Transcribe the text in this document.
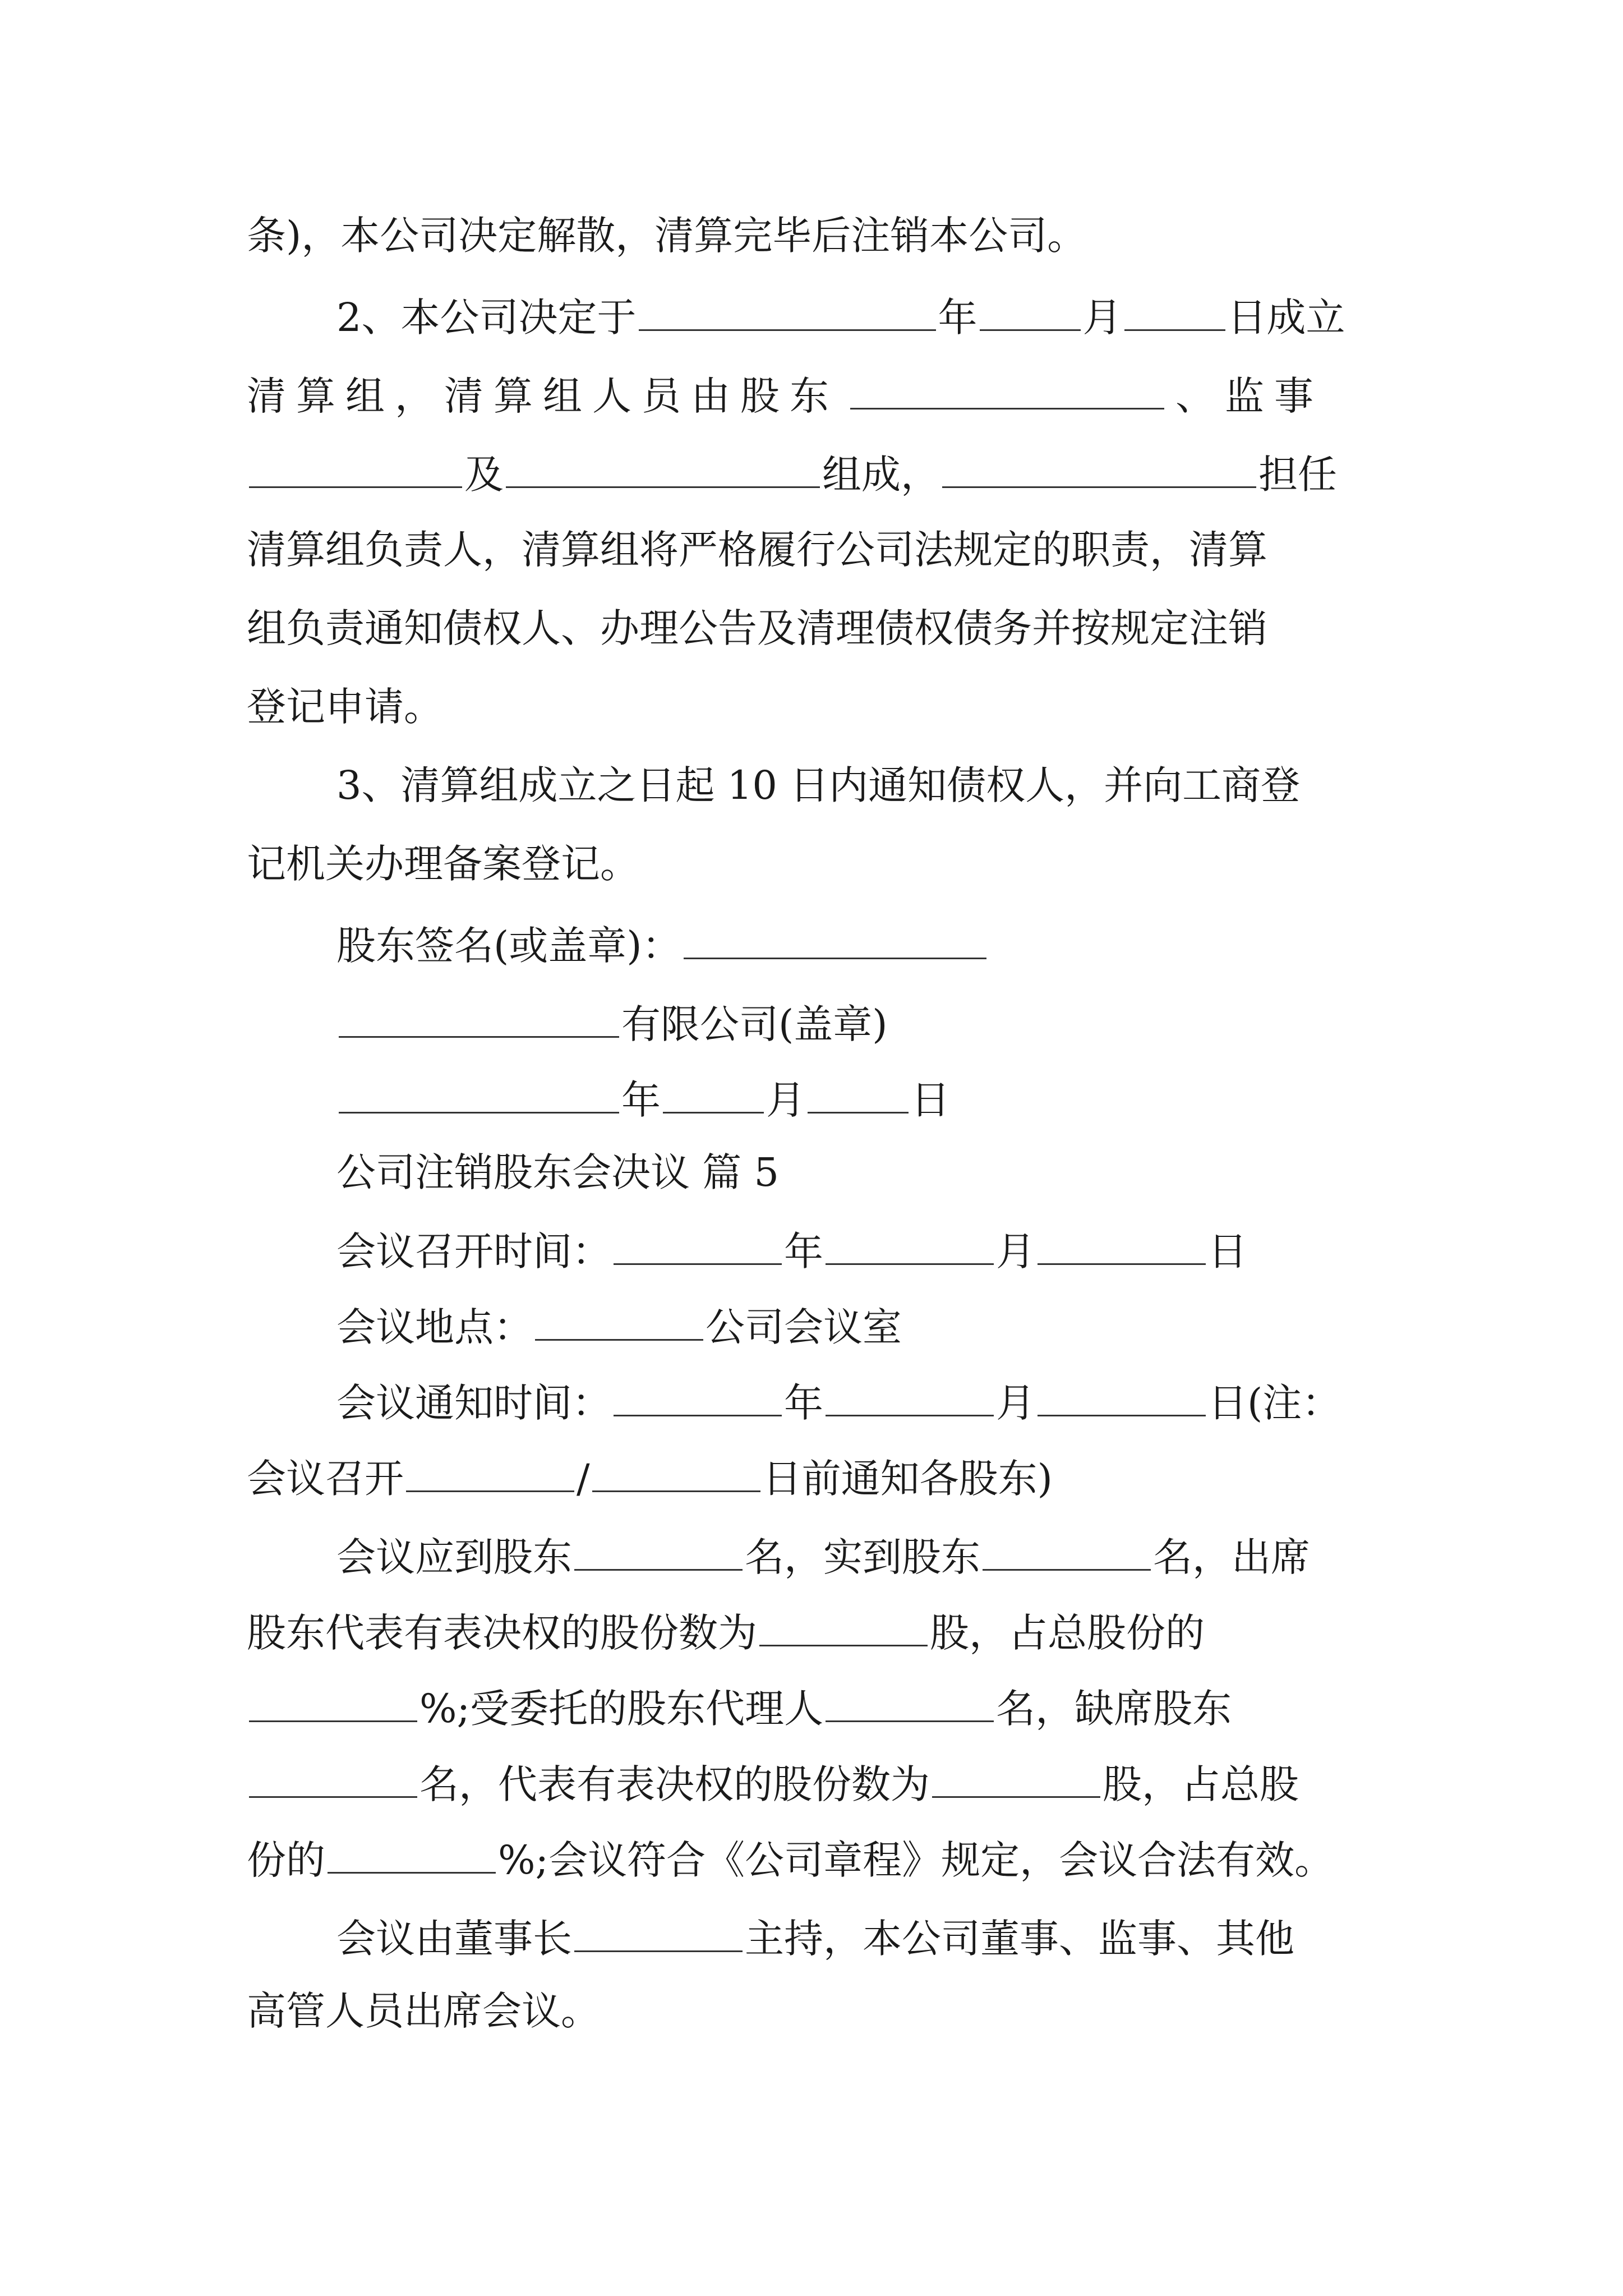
条)，本公司决定解散，清算完毕后注销本公司。
2、本公司决定于	年	月	日成立
清算组，清算组人员由股东	、监事
及	组成，	担任
清算组负责人，清算组将严格履行公司法规定的职责，清算
组负责通知债权人、办理公告及清理债权债务并按规定注销
登记申请。
3、清算组成立之日起 10 日内通知债权人，并向工商登
记机关办理备案登记。
股东签名(或盖章)：
有限公司(盖章)
年	月	日
公司注销股东会决议 篇 5
会议召开时间：	年	月	日
会议地点：	公司会议室
会议通知时间：	年	月	日(注：
会议召开	/	日前通知各股东)
会议应到股东	名，实到股东	名，出席
股东代表有表决权的股份数为	股，占总股份的
%;受委托的股东代理人	名，缺席股东
名，代表有表决权的股份数为	股，占总股
份的	%;会议符合《公司章程》规定，会议合法有效。
会议由董事长	主持，本公司董事、监事、其他
高管人员出席会议。
